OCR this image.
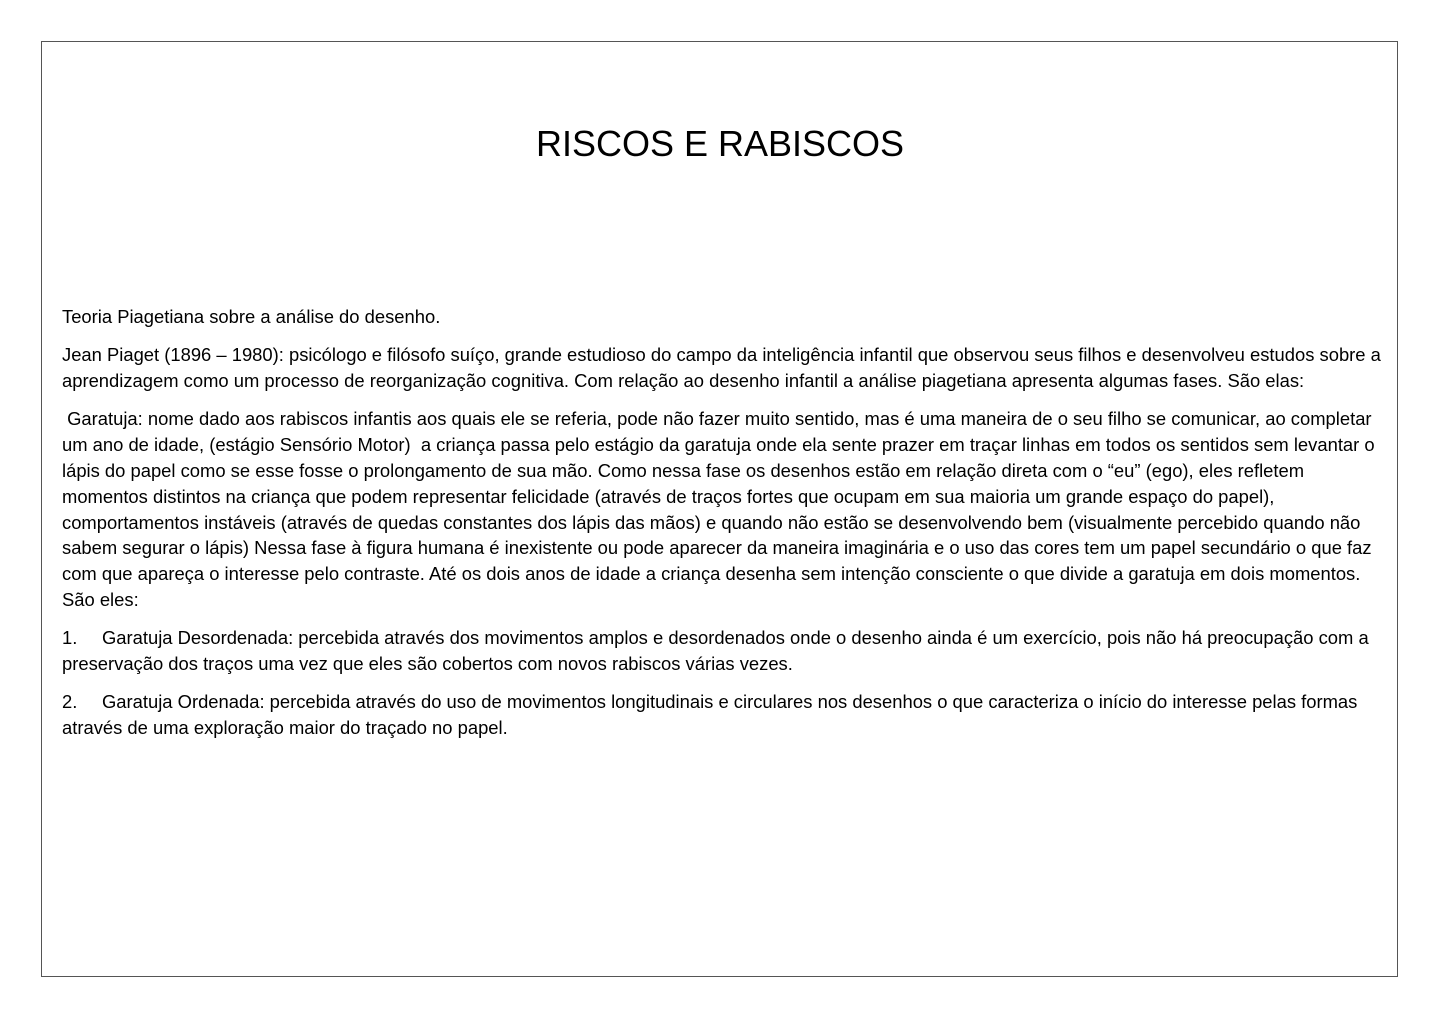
RISCOS E RABISCOS

Teoria Piagetiana sobre a análise do desenho.

Jean Piaget (1896 – 1980): psicólogo e filósofo suíço, grande estudioso do campo da inteligência infantil que observou seus filhos e desenvolveu estudos sobre a aprendizagem como um processo de reorganização cognitiva. Com relação ao desenho infantil a análise piagetiana apresenta algumas fases. São elas:

Garatuja: nome dado aos rabiscos infantis aos quais ele se referia, pode não fazer muito sentido, mas é uma maneira de o seu filho se comunicar, ao completar um ano de idade, (estágio Sensório Motor)  a criança passa pelo estágio da garatuja onde ela sente prazer em traçar linhas em todos os sentidos sem levantar o lápis do papel como se esse fosse o prolongamento de sua mão. Como nessa fase os desenhos estão em relação direta com o “eu” (ego), eles refletem momentos distintos na criança que podem representar felicidade (através de traços fortes que ocupam em sua maioria um grande espaço do papel), comportamentos instáveis (através de quedas constantes dos lápis das mãos) e quando não estão se desenvolvendo bem (visualmente percebido quando não sabem segurar o lápis) Nessa fase à figura humana é inexistente ou pode aparecer da maneira imaginária e o uso das cores tem um papel secundário o que faz com que apareça o interesse pelo contraste. Até os dois anos de idade a criança desenha sem intenção consciente o que divide a garatuja em dois momentos. São eles:

1. Garatuja Desordenada: percebida através dos movimentos amplos e desordenados onde o desenho ainda é um exercício, pois não há preocupação com a preservação dos traços uma vez que eles são cobertos com novos rabiscos várias vezes.

2. Garatuja Ordenada: percebida através do uso de movimentos longitudinais e circulares nos desenhos o que caracteriza o início do interesse pelas formas através de uma exploração maior do traçado no papel.
